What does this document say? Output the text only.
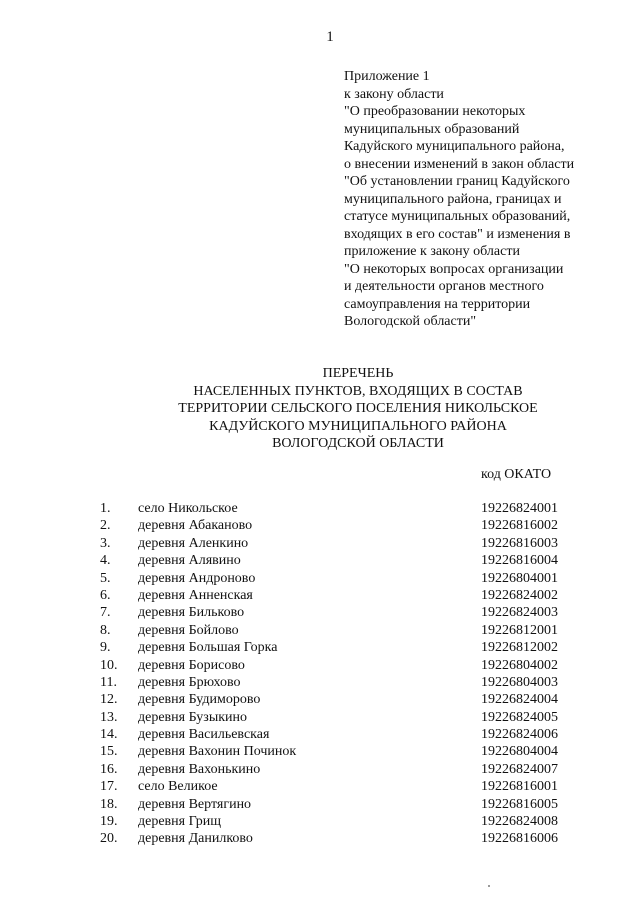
1
Приложение 1
к закону области
"О преобразовании некоторых
муниципальных образований
Кадуйского муниципального района,
о внесении изменений в закон области
"Об установлении границ Кадуйского
муниципального района, границах и
статусе муниципальных образований,
входящих в его состав" и изменения в
приложение к закону области
"О некоторых вопросах организации
и деятельности органов местного
самоуправления на территории
Вологодской области"
ПЕРЕЧЕНЬ
НАСЕЛЕННЫХ ПУНКТОВ, ВХОДЯЩИХ В СОСТАВ
ТЕРРИТОРИИ СЕЛЬСКОГО ПОСЕЛЕНИЯ НИКОЛЬСКОЕ
КАДУЙСКОГО МУНИЦИПАЛЬНОГО РАЙОНА
ВОЛОГОДСКОЙ ОБЛАСТИ
код ОКАТО
1. село Никольское	19226824001
2. деревня Абаканово	19226816002
3. деревня Аленкино	19226816003
4. деревня Алявино	19226816004
5. деревня Андроново	19226804001
6. деревня Анненская	19226824002
7. деревня Бильково	19226824003
8. деревня Бойлово	19226812001
9. деревня Большая Горка	19226812002
10. деревня Борисово	19226804002
11. деревня Брюхово	19226804003
12. деревня Будиморово	19226824004
13. деревня Бузыкино	19226824005
14. деревня Васильевская	19226824006
15. деревня Вахонин Починок	19226804004
16. деревня Вахонькино	19226824007
17. село Великое	19226816001
18. деревня Вертягино	19226816005
19. деревня Грищ	19226824008
20. деревня Данилково	19226816006
